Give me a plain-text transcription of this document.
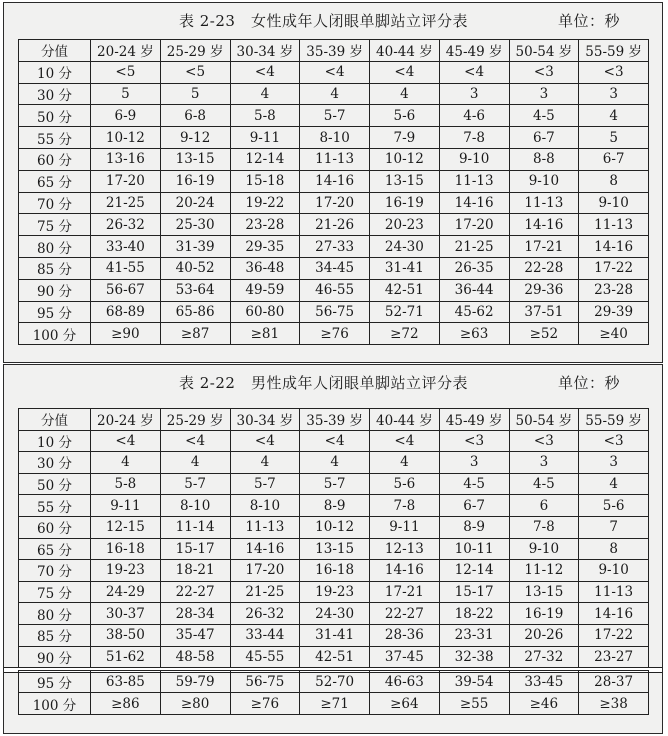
表 2-23　女性成年人闭眼单脚站立评分表	单位：秒
分值	20-24 岁	25-29 岁	30-34 岁	35-39 岁	40-44 岁	45-49 岁	50-54 岁	55-59 岁
10 分	<5	<5	<4	<4	<4	<4	<3	<3
30 分	5	5	4	4	4	3	3	3
50 分	6-9	6-8	5-8	5-7	5-6	4-6	4-5	4
55 分	10-12	9-12	9-11	8-10	7-9	7-8	6-7	5
60 分	13-16	13-15	12-14	11-13	10-12	9-10	8-8	6-7
65 分	17-20	16-19	15-18	14-16	13-15	11-13	9-10	8
70 分	21-25	20-24	19-22	17-20	16-19	14-16	11-13	9-10
75 分	26-32	25-30	23-28	21-26	20-23	17-20	14-16	11-13
80 分	33-40	31-39	29-35	27-33	24-30	21-25	17-21	14-16
85 分	41-55	40-52	36-48	34-45	31-41	26-35	22-28	17-22
90 分	56-67	53-64	49-59	46-55	42-51	36-44	29-36	23-28
95 分	68-89	65-86	60-80	56-75	52-71	45-62	37-51	29-39
100 分	≥90	≥87	≥81	≥76	≥72	≥63	≥52	≥40
表 2-22　男性成年人闭眼单脚站立评分表	单位：秒
分值	20-24 岁	25-29 岁	30-34 岁	35-39 岁	40-44 岁	45-49 岁	50-54 岁	55-59 岁
10 分	<4	<4	<4	<4	<4	<3	<3	<3
30 分	4	4	4	4	4	3	3	3
50 分	5-8	5-7	5-7	5-7	5-6	4-5	4-5	4
55 分	9-11	8-10	8-10	8-9	7-8	6-7	6	5-6
60 分	12-15	11-14	11-13	10-12	9-11	8-9	7-8	7
65 分	16-18	15-17	14-16	13-15	12-13	10-11	9-10	8
70 分	19-23	18-21	17-20	16-18	14-16	12-14	11-12	9-10
75 分	24-29	22-27	21-25	19-23	17-21	15-17	13-15	11-13
80 分	30-37	28-34	26-32	24-30	22-27	18-22	16-19	14-16
85 分	38-50	35-47	33-44	31-41	28-36	23-31	20-26	17-22
90 分	51-62	48-58	45-55	42-51	37-45	32-38	27-32	23-27
95 分	63-85	59-79	56-75	52-70	46-63	39-54	33-45	28-37
100 分	≥86	≥80	≥76	≥71	≥64	≥55	≥46	≥38
